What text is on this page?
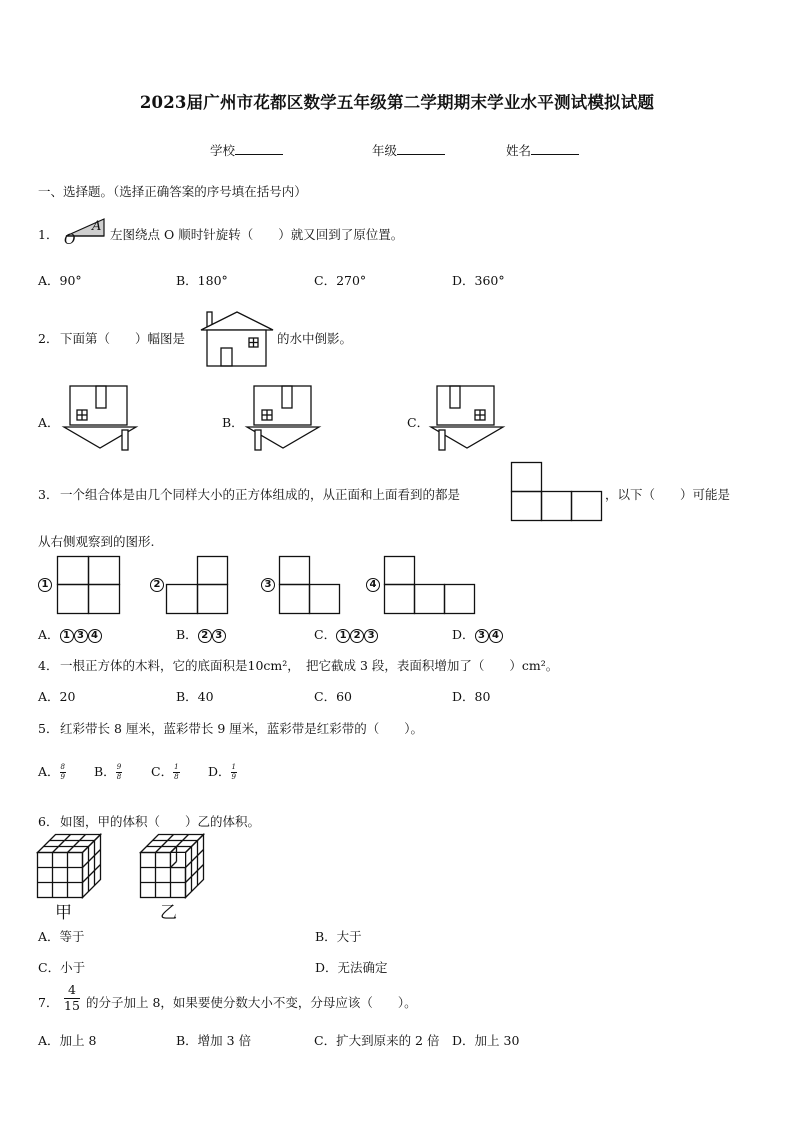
2023届广州市花都区数学五年级第二学期期末学业水平测试模拟试题
学校	年级	姓名
一、选择题。（选择正确答案的序号填在括号内）
1． O
A
左图绕点 O 顺时针旋转（　　）就又回到了原位置。
A．90°	B．180°	C．270°	D．360°
2． 下面第（　　）幅图是	的水中倒影。
A．	B．	C．
3． 一个组合体是由几个同样大小的正方体组成的，从正面和上面看到的都是	，以下（　　）可能是
从右侧观察到的图形.
1	2	3	4
A． 1 3 4	B． 2 3	C． 1 2 3	D． 3 4
4． 一根正方体的木料，它的底面积是10cm²，　把它截成 3 段，表面积增加了（　　）cm²。
A．20	B．40	C．60	D．80
5． 红彩带长 8 厘米，蓝彩带长 9 厘米，蓝彩带是红彩带的（　　）。
A． $\frac{8}{9}$ B． $\frac{9}{8}$ C． $\frac{1}{8}$ D． $\frac{1}{9}$
6． 如图，甲的体积（　　）乙的体积。
甲	乙
A．等于	B．大于
C．小于	D．无法确定
7． $\frac{4}{15}$ 的分子加上 8，如果要使分数大小不变，分母应该（　　）。
A．加上 8	B．增加 3 倍	C．扩大到原来的 2 倍 D．加上 30
